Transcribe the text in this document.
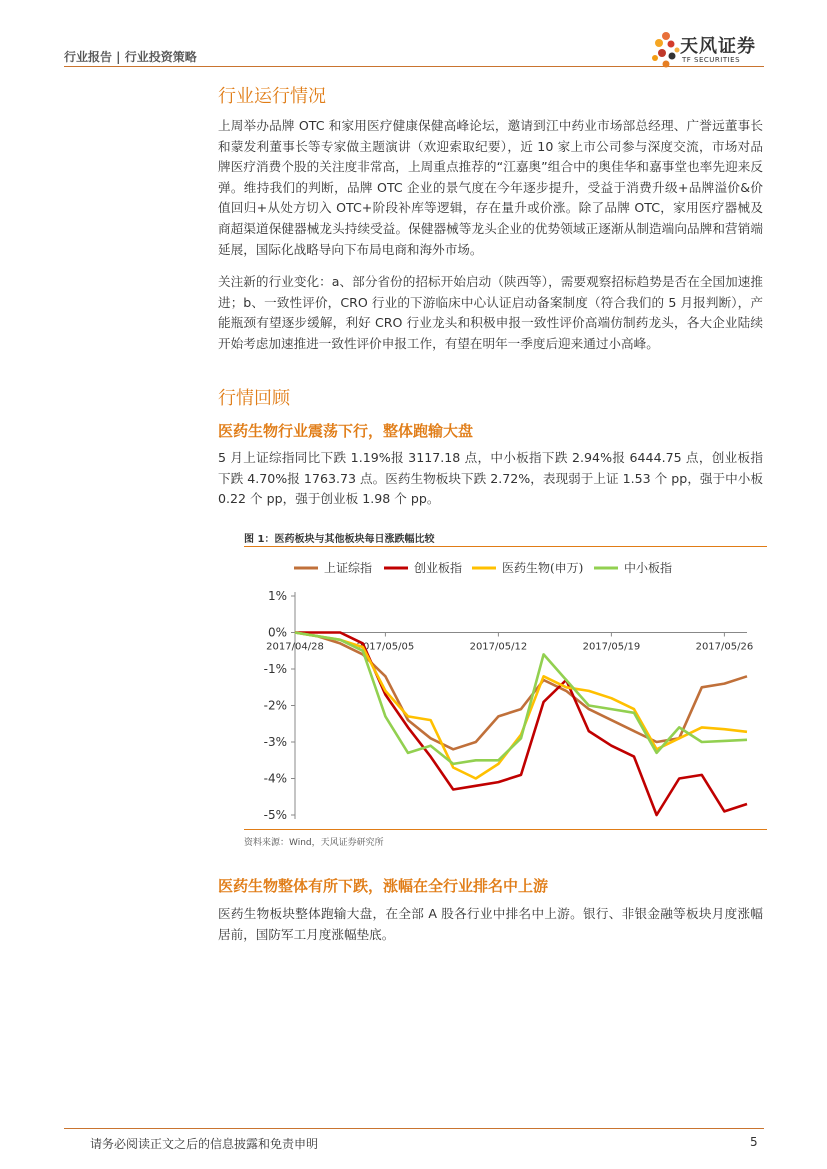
行业报告 | 行业投资策略	天风证券
TF SECURITIES
行业运行情况
上周举办品牌 OTC 和家用医疗健康保健高峰论坛，邀请到江中药业市场部总经理、广誉远董事长和蒙发利董事长等专家做主题演讲（欢迎索取纪要），近 10 家上市公司参与深度交流，市场对品牌医疗消费个股的关注度非常高，上周重点推荐的“江嘉奥”组合中的奥佳华和嘉事堂也率先迎来反弹。维持我们的判断，品牌 OTC 企业的景气度在今年逐步提升，受益于消费升级+品牌溢价&价值回归+从处方切入 OTC+阶段补库等逻辑，存在量升或价涨。除了品牌 OTC，家用医疗器械及商超渠道保健器械龙头持续受益。保健器械等龙头企业的优势领域正逐渐从制造端向品牌和营销端延展，国际化战略导向下布局电商和海外市场。
关注新的行业变化：a、部分省份的招标开始启动（陕西等），需要观察招标趋势是否在全国加速推进；b、一致性评价，CRO 行业的下游临床中心认证启动备案制度（符合我们的 5 月报判断），产能瓶颈有望逐步缓解，利好 CRO 行业龙头和积极申报一致性评价高端仿制药龙头，各大企业陆续开始考虑加速推进一致性评价申报工作，有望在明年一季度后迎来通过小高峰。
行情回顾
医药生物行业震荡下行，整体跑输大盘
5 月上证综指同比下跌 1.19%报 3117.18 点，中小板指下跌 2.94%报 6444.75 点，创业板指下跌 4.70%报 1763.73 点。医药生物板块下跌 2.72%，表现弱于上证 1.53 个 pp，强于中小板 0.22 个 pp，强于创业板 1.98 个 pp。
图 1：医药板块与其他板块每日涨跌幅比较
上证综指	创业板指	医药生物(申万)	中小板指
1%
0%
-1%
-2%
-3%
-4%
-5%
2017/04/28	2017/05/05	2017/05/12	2017/05/19	2017/05/26
资料来源：Wind，天风证券研究所
医药生物整体有所下跌，涨幅在全行业排名中上游
医药生物板块整体跑输大盘，在全部 A 股各行业中排名中上游。银行、非银金融等板块月度涨幅居前，国防军工月度涨幅垫底。
请务必阅读正文之后的信息披露和免责申明	5
